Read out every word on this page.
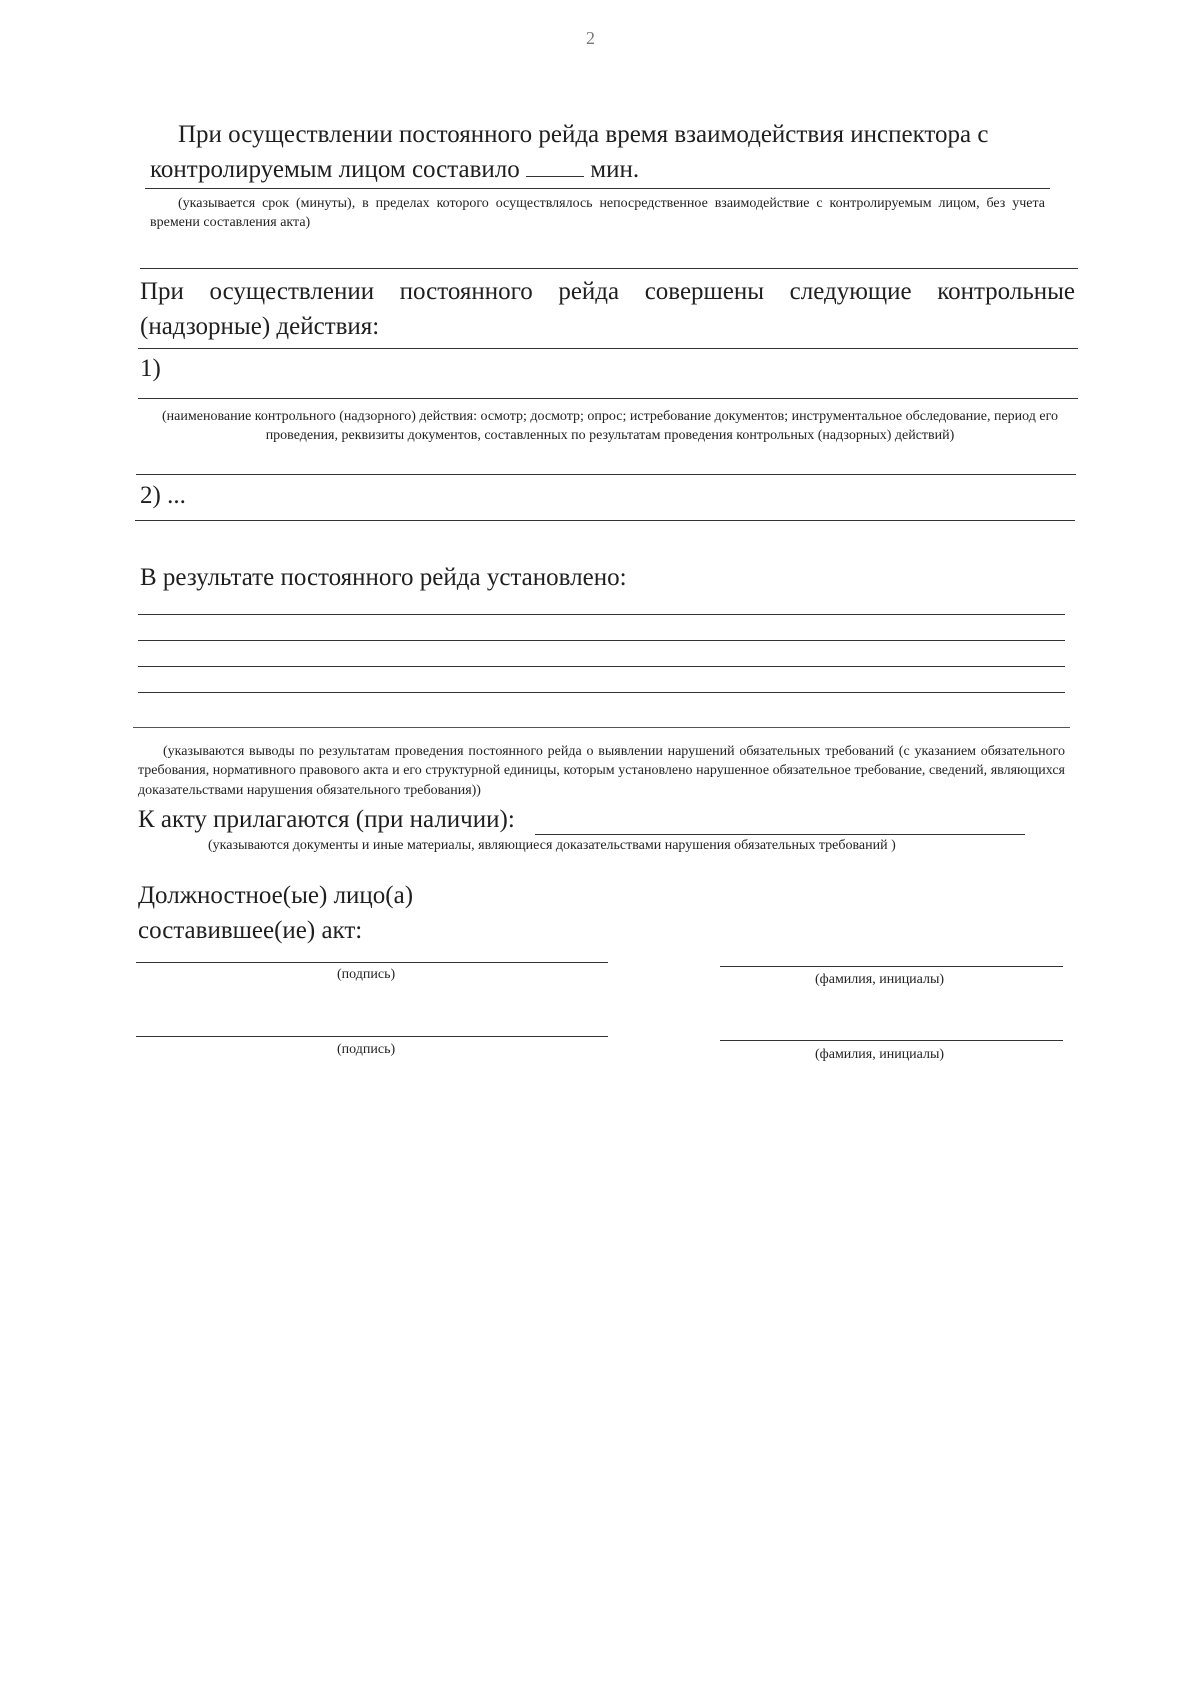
2
При осуществлении постоянного рейда время взаимодействия инспектора с контролируемым лицом составило	мин.
(указывается срок (минуты), в пределах которого осуществлялось непосредственное взаимодействие с контролируемым лицом, без учета времени составления акта)
При осуществлении постоянного рейда совершены следующие контрольные (надзорные) действия:
1)
(наименование контрольного (надзорного) действия: осмотр; досмотр; опрос; истребование документов; инструментальное обследование, период его проведения, реквизиты документов, составленных по результатам проведения контрольных (надзорных) действий)
2) ...
В результате постоянного рейда установлено:
(указываются выводы по результатам проведения постоянного рейда о выявлении нарушений обязательных требований (с указанием обязательного требования, нормативного правового акта и его структурной единицы, которым установлено нарушенное обязательное требование, сведений, являющихся доказательствами нарушения обязательного требования))
К акту прилагаются (при наличии):
(указываются документы и иные материалы, являющиеся доказательствами нарушения обязательных требований )
Должностное(ые) лицо(а) составившее(ие) акт:
(подпись)	(фамилия, инициалы)
(подпись)	(фамилия, инициалы)
